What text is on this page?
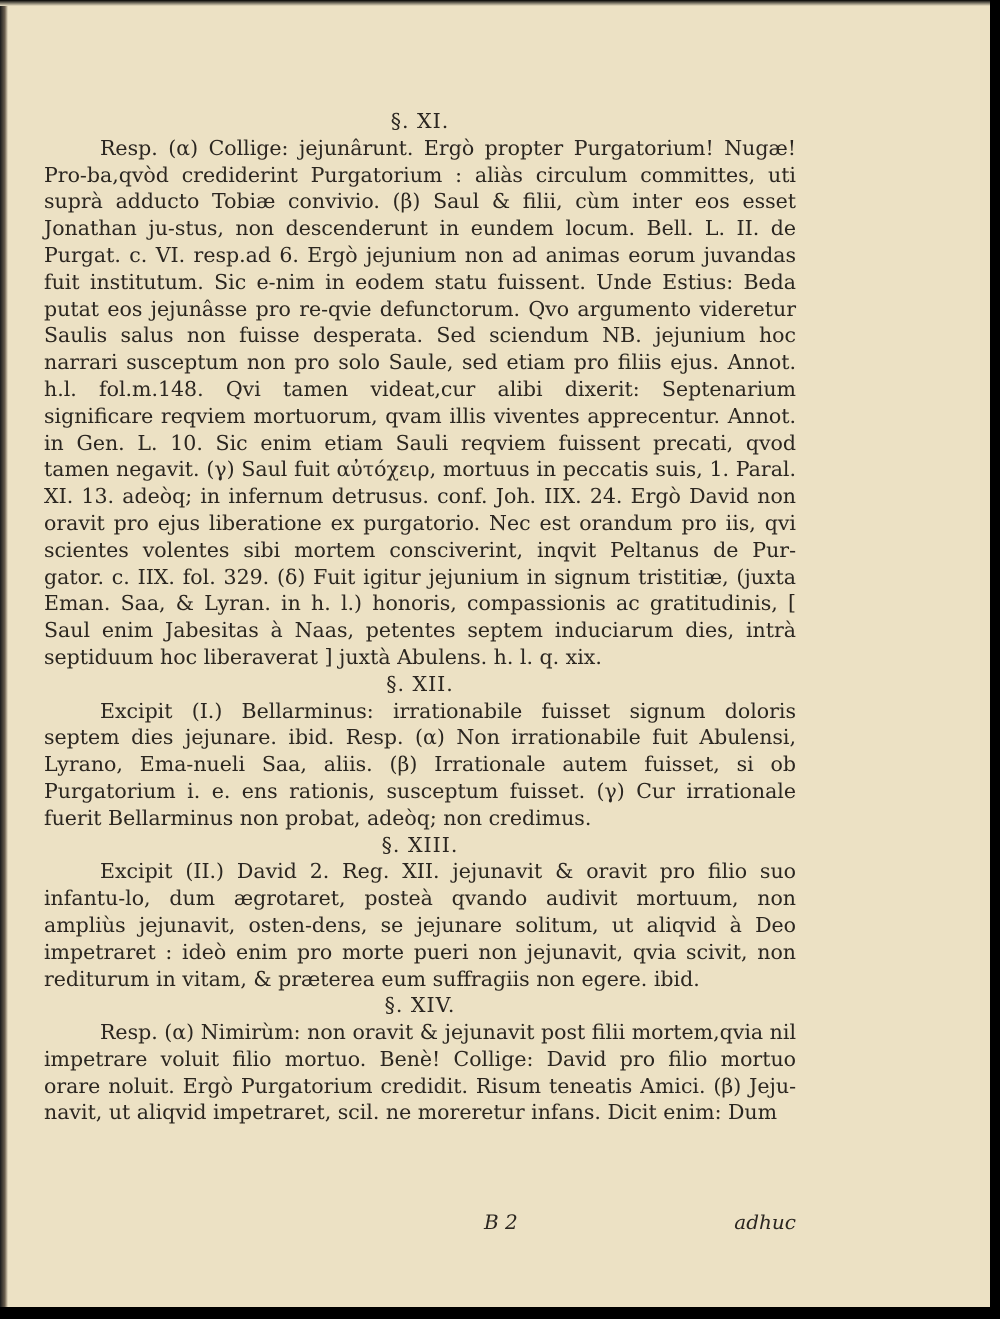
§. XI.

Resp. (α) Collige: jejunârunt. Ergò propter Purgatorium! Nugæ! Pro-ba,qvòd crediderint Purgatorium : aliàs circulum committes, uti suprà adducto Tobiæ convivio. (β) Saul & filii, cùm inter eos esset Jonathan ju-stus, non descenderunt in eundem locum. Bell. L. II. de Purgat. c. VI. resp.ad 6. Ergò jejunium non ad animas eorum juvandas fuit institutum. Sic e-nim in eodem statu fuissent. Unde Estius: Beda putat eos jejunâsse pro re-qvie defunctorum. Qvo argumento videretur Saulis salus non fuisse desperata. Sed sciendum NB. jejunium hoc narrari susceptum non pro solo Saule, sed etiam pro filiis ejus. Annot. h.l. fol.m.148. Qvi tamen videat,cur alibi dixerit: Septenarium significare reqviem mortuorum, qvam illis viventes apprecentur. Annot. in Gen. L. 10. Sic enim etiam Sauli reqviem fuissent precati, qvod tamen negavit. (γ) Saul fuit αὐτόχειρ, mortuus in peccatis suis, 1. Paral. XI. 13. adeòq; in infernum detrusus. conf. Joh. IIX. 24. Ergò David non oravit pro ejus liberatione ex purgatorio. Nec est orandum pro iis, qvi scientes volentes sibi mortem consciverint, inqvit Peltanus de Pur-gator. c. IIX. fol. 329. (δ) Fuit igitur jejunium in signum tristitiæ, (juxta Eman. Saa, & Lyran. in h. l.) honoris, compassionis ac gratitudinis, [ Saul enim Jabesitas à Naas, petentes septem induciarum dies, intrà septiduum hoc liberaverat ] juxtà Abulens. h. l. q. xix.

§. XII.

Excipit (I.) Bellarminus: irrationabile fuisset signum doloris septem dies jejunare. ibid. Resp. (α) Non irrationabile fuit Abulensi, Lyrano, Ema-nueli Saa, aliis. (β) Irrationale autem fuisset, si ob Purgatorium i. e. ens rationis, susceptum fuisset. (γ) Cur irrationale fuerit Bellarminus non probat, adeòq; non credimus.

§. XIII.

Excipit (II.) David 2. Reg. XII. jejunavit & oravit pro filio suo infantu-lo, dum ægrotaret, posteà qvando audivit mortuum, non ampliùs jejunavit, osten-dens, se jejunare solitum, ut aliqvid à Deo impetraret : ideò enim pro morte pueri non jejunavit, qvia scivit, non rediturum in vitam, & præterea eum suffragiis non egere. ibid.

§. XIV.

Resp. (α) Nimirùm: non oravit & jejunavit post filii mortem,qvia nil impetrare voluit filio mortuo. Benè! Collige: David pro filio mortuo orare noluit. Ergò Purgatorium credidit. Risum teneatis Amici. (β) Jeju-navit, ut aliqvid impetraret, scil. ne moreretur infans. Dicit enim: Dum

B 2	adhuc
